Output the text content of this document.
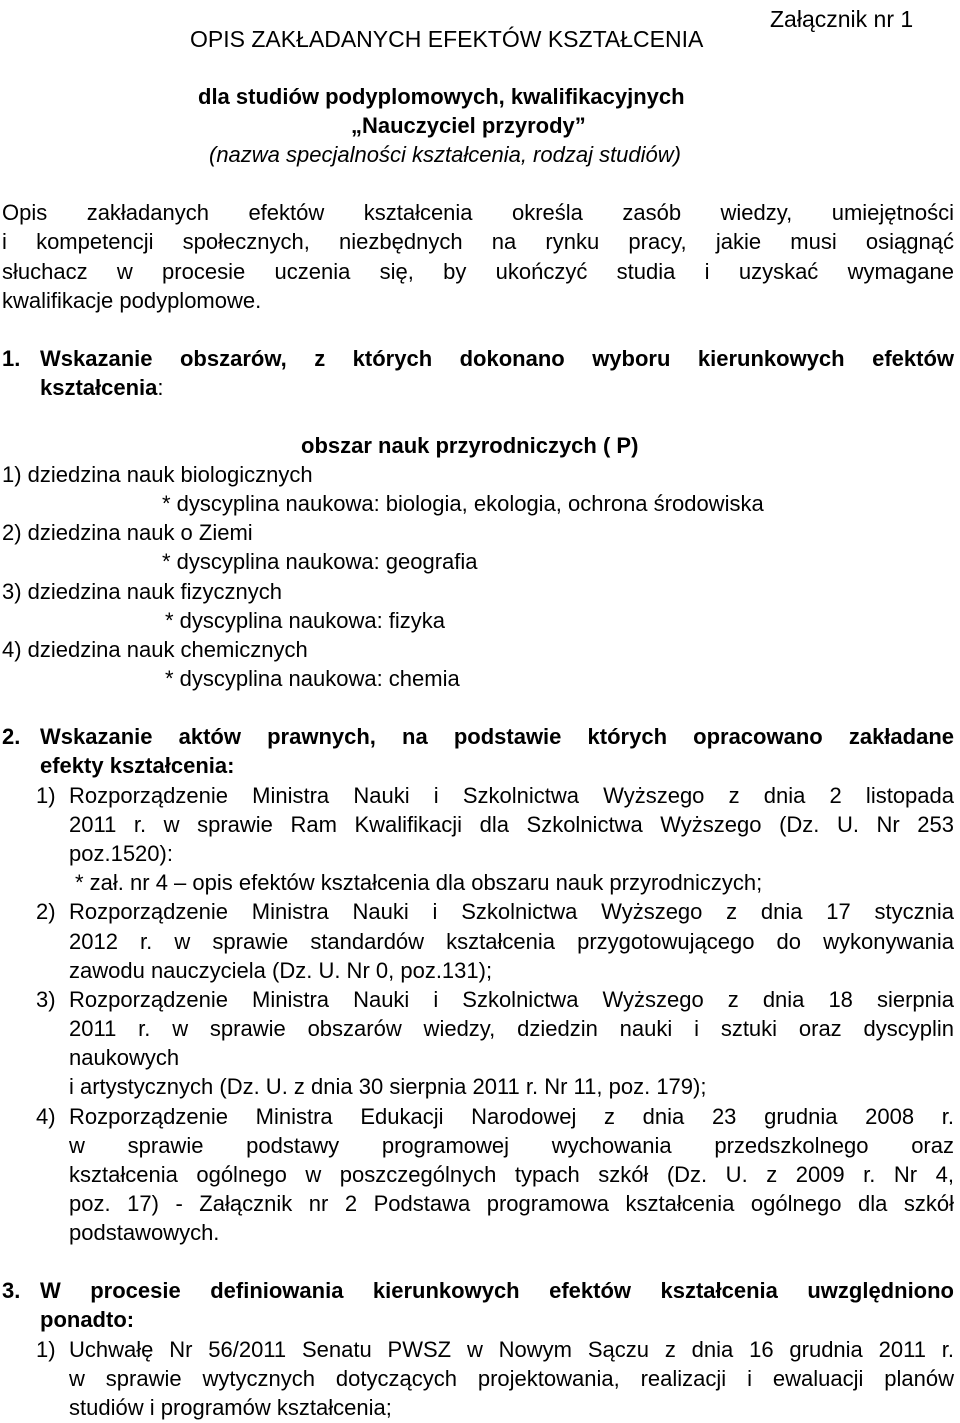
Załącznik nr 1
OPIS ZAKŁADANYCH EFEKTÓW KSZTAŁCENIA
dla studiów podyplomowych, kwalifikacyjnych
„Nauczyciel przyrody”
(nazwa specjalności kształcenia, rodzaj studiów)
Opis zakładanych efektów kształcenia określa zasób wiedzy, umiejętności
i kompetencji społecznych, niezbędnych na rynku pracy, jakie musi osiągnąć
słuchacz w procesie uczenia się, by ukończyć studia i uzyskać wymagane
kwalifikacje podyplomowe.
1. Wskazanie obszarów, z których dokonano wyboru kierunkowych efektów
kształcenia:
obszar nauk przyrodniczych ( P)
1) dziedzina nauk biologicznych
* dyscyplina naukowa: biologia, ekologia, ochrona środowiska
2) dziedzina nauk o Ziemi
* dyscyplina naukowa: geografia
3) dziedzina nauk fizycznych
* dyscyplina naukowa: fizyka
4) dziedzina nauk chemicznych
* dyscyplina naukowa: chemia
2. Wskazanie aktów prawnych, na podstawie których opracowano zakładane
efekty kształcenia:
1) Rozporządzenie Ministra Nauki i Szkolnictwa Wyższego z dnia 2 listopada
2011 r. w sprawie Ram Kwalifikacji dla Szkolnictwa Wyższego (Dz. U. Nr 253
poz.1520):
* zał. nr 4 – opis efektów kształcenia dla obszaru nauk przyrodniczych;
2) Rozporządzenie Ministra Nauki i Szkolnictwa Wyższego z dnia 17 stycznia
2012 r. w sprawie standardów kształcenia przygotowującego do wykonywania
zawodu nauczyciela (Dz. U. Nr 0, poz.131);
3) Rozporządzenie Ministra Nauki i Szkolnictwa Wyższego z dnia 18 sierpnia
2011 r. w sprawie obszarów wiedzy, dziedzin nauki i sztuki oraz dyscyplin
naukowych
i artystycznych (Dz. U. z dnia 30 sierpnia 2011 r. Nr 11, poz. 179);
4) Rozporządzenie Ministra Edukacji Narodowej z dnia 23 grudnia 2008 r.
w sprawie podstawy programowej wychowania przedszkolnego oraz
kształcenia ogólnego w poszczególnych typach szkół (Dz. U. z 2009 r. Nr 4,
poz. 17) - Załącznik nr 2 Podstawa programowa kształcenia ogólnego dla szkół
podstawowych.
3. W procesie definiowania kierunkowych efektów kształcenia uwzględniono
ponadto:
1) Uchwałę Nr 56/2011 Senatu PWSZ w Nowym Sączu z dnia 16 grudnia 2011 r.
w sprawie wytycznych dotyczących projektowania, realizacji i ewaluacji planów
studiów i programów kształcenia;
